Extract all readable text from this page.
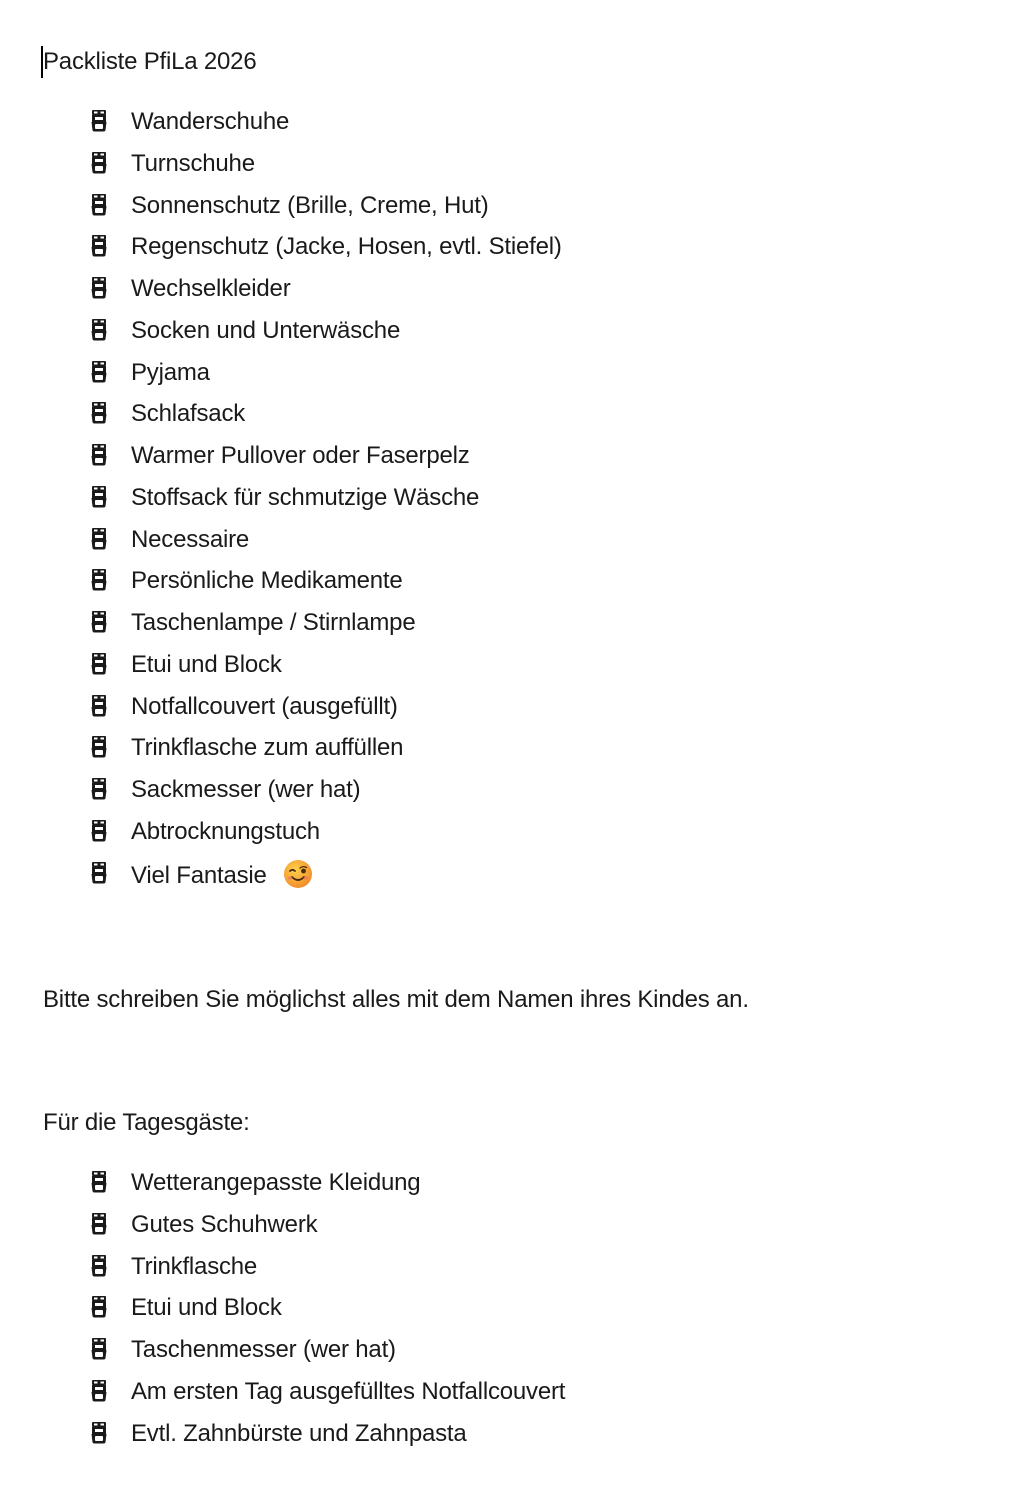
Packliste PfiLa 2026
Wanderschuhe
Turnschuhe
Sonnenschutz (Brille, Creme, Hut)
Regenschutz (Jacke, Hosen, evtl. Stiefel)
Wechselkleider
Socken und Unterwäsche
Pyjama
Schlafsack
Warmer Pullover oder Faserpelz
Stoffsack für schmutzige Wäsche
Necessaire
Persönliche Medikamente
Taschenlampe / Stirnlampe
Etui und Block
Notfallcouvert (ausgefüllt)
Trinkflasche zum auffüllen
Sackmesser (wer hat)
Abtrocknungstuch
Viel Fantasie
Bitte schreiben Sie möglichst alles mit dem Namen ihres Kindes an.
Für die Tagesgäste:
Wetterangepasste Kleidung
Gutes Schuhwerk
Trinkflasche
Etui und Block
Taschenmesser (wer hat)
Am ersten Tag ausgefülltes Notfallcouvert
Evtl. Zahnbürste und Zahnpasta
